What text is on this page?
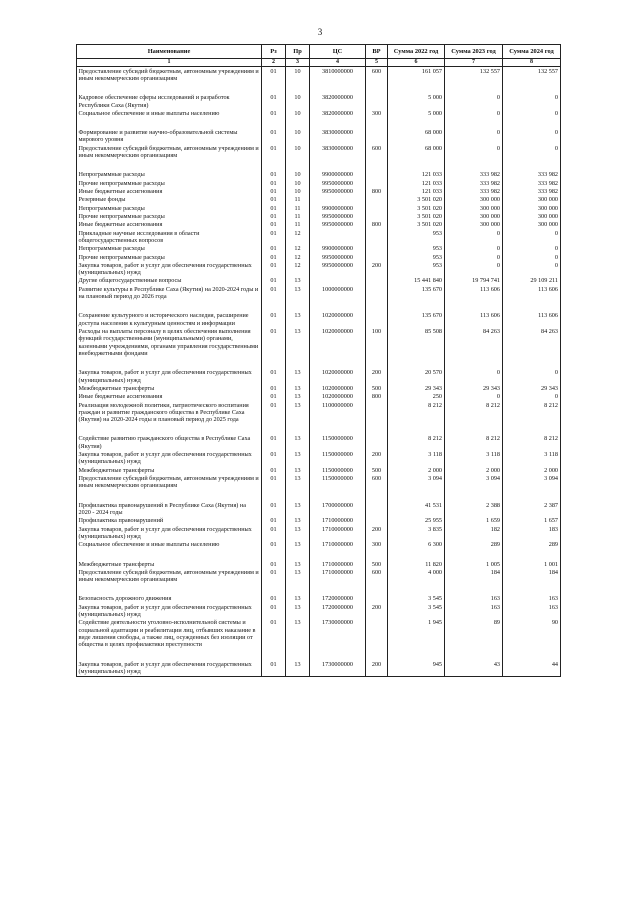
3
Наименование	Рз	Пр	ЦС	ВР	Сумма 2022 год	Сумма 2023 год	Сумма 2024 год
1	2	3	4	5	6	7	8
Предоставление субсидий бюджетным, автономным учреждениям и иным некоммерческим организациям	01	10	3810000000	600	161 057	132 557	132 557

Кадровое обеспечение сферы исследований и разработок Республики Саха (Якутия)	01	10	3820000000		5 000	0	0
Социальное обеспечение и иные выплаты населению	01	10	3820000000	300	5 000	0	0

Формирование и развитие научно-образовательной системы мирового уровня	01	10	3830000000		68 000	0	0
Предоставление субсидий бюджетным, автономным учреждениям и иным некоммерческим организациям	01	10	3830000000	600	68 000	0	0

Непрограммные расходы	01	10	9900000000		121 033	333 982	333 982
Прочие непрограммные расходы	01	10	9950000000		121 033	333 982	333 982
Иные бюджетные ассигнования	01	10	9950000000	800	121 033	333 982	333 982
Резервные фонды	01	11			3 501 020	300 000	300 000
Непрограммные расходы	01	11	9900000000		3 501 020	300 000	300 000
Прочие непрограммные расходы	01	11	9950000000		3 501 020	300 000	300 000
Иные бюджетные ассигнования	01	11	9950000000	800	3 501 020	300 000	300 000
Прикладные научные исследования в области общегосударственных вопросов	01	12			953	0	0
Непрограммные расходы	01	12	9900000000		953	0	0
Прочие непрограммные расходы	01	12	9950000000		953	0	0
Закупка товаров, работ и услуг для обеспечения государственных (муниципальных) нужд	01	12	9950000000	200	953	0	0
Другие общегосударственные вопросы	01	13			15 441 840	19 794 741	29 109 211
Развитие культуры в Республике Саха (Якутия) на 2020-2024 годы и на плановый период до 2026 года	01	13	1000000000		135 670	113 606	113 606

Сохранение культурного и исторического наследия, расширение доступа населения к культурным ценностям и информации	01	13	1020000000		135 670	113 606	113 606
Расходы на выплаты персоналу в целях обеспечения выполнения функций государственными (муниципальными) органами, казенными учреждениями, органами управления государственными внебюджетными фондами	01	13	1020000000	100	85 508	84 263	84 263

Закупка товаров, работ и услуг для обеспечения государственных (муниципальных) нужд	01	13	1020000000	200	20 570	0	0
Межбюджетные трансферты	01	13	1020000000	500	29 343	29 343	29 343
Иные бюджетные ассигнования	01	13	1020000000	800	250	0	0
Реализация молодежной политики, патриотического воспитания граждан и развитие гражданского общества в Республике Саха (Якутия) на 2020-2024 годы и плановый период до 2025 года	01	13	1100000000		8 212	8 212	8 212

Содействие развитию гражданского общества в Республике Саха (Якутия)	01	13	1150000000		8 212	8 212	8 212
Закупка товаров, работ и услуг для обеспечения государственных (муниципальных) нужд	01	13	1150000000	200	3 118	3 118	3 118
Межбюджетные трансферты	01	13	1150000000	500	2 000	2 000	2 000
Предоставление субсидий бюджетным, автономным учреждениям и иным некоммерческим организациям	01	13	1150000000	600	3 094	3 094	3 094

Профилактика правонарушений в Республике Саха (Якутия) на 2020 - 2024 годы	01	13	1700000000		41 531	2 388	2 387
Профилактика правонарушений	01	13	1710000000		25 955	1 659	1 657
Закупка товаров, работ и услуг для обеспечения государственных (муниципальных) нужд	01	13	1710000000	200	3 835	182	183
Социальное обеспечение и иные выплаты населению	01	13	1710000000	300	6 300	289	289

Межбюджетные трансферты	01	13	1710000000	500	11 820	1 005	1 001
Предоставление субсидий бюджетным, автономным учреждениям и иным некоммерческим организациям	01	13	1710000000	600	4 000	184	184

Безопасность дорожного движения	01	13	1720000000		3 545	163	163
Закупка товаров, работ и услуг для обеспечения государственных (муниципальных) нужд	01	13	1720000000	200	3 545	163	163
Содействие деятельности уголовно-исполнительной системы и социальной адаптации и реабилитации лиц, отбывших наказание в виде лишения свободы, а также лиц, осужденных без изоляции от общества в целях профилактики преступности	01	13	1730000000		1 945	89	90

Закупка товаров, работ и услуг для обеспечения государственных (муниципальных) нужд	01	13	1730000000	200	945	43	44
